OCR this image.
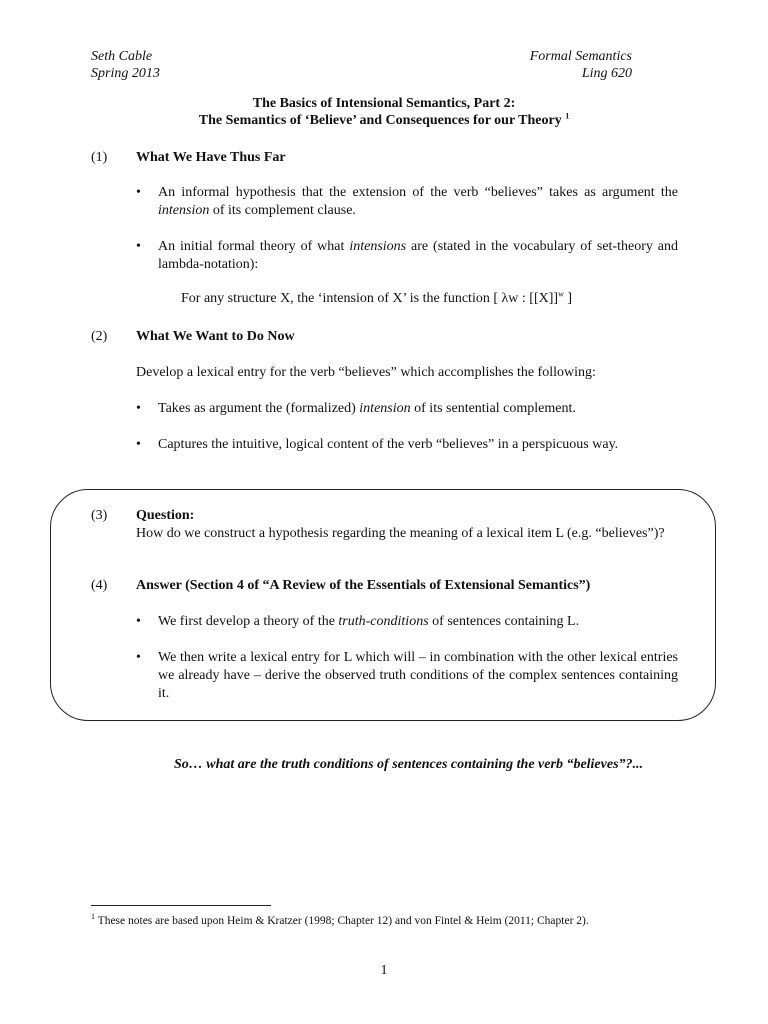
Seth Cable
Spring 2013
Formal Semantics
Ling 620
The Basics of Intensional Semantics, Part 2:
The Semantics of ‘Believe’ and Consequences for our Theory $^1$
(1) What We Have Thus Far
• An informal hypothesis that the extension of the verb “believes” takes as argument the intension of its complement clause.
• An initial formal theory of what intensions are (stated in the vocabulary of set-theory and lambda-notation):
For any structure X, the ‘intension of X’ is the function [ λw : $[[X]]^w$ ]
(2) What We Want to Do Now
Develop a lexical entry for the verb “believes” which accomplishes the following:
• Takes as argument the (formalized) intension of its sentential complement.
• Captures the intuitive, logical content of the verb “believes” in a perspicuous way.
(3) Question:
How do we construct a hypothesis regarding the meaning of a lexical item L (e.g. “believes”)?
(4) Answer (Section 4 of “A Review of the Essentials of Extensional Semantics”)
• We first develop a theory of the truth-conditions of sentences containing L.
• We then write a lexical entry for L which will – in combination with the other lexical entries we already have – derive the observed truth conditions of the complex sentences containing it.
So… what are the truth conditions of sentences containing the verb “believes”?...
$^1$ These notes are based upon Heim & Kratzer (1998; Chapter 12) and von Fintel & Heim (2011; Chapter 2).
1
